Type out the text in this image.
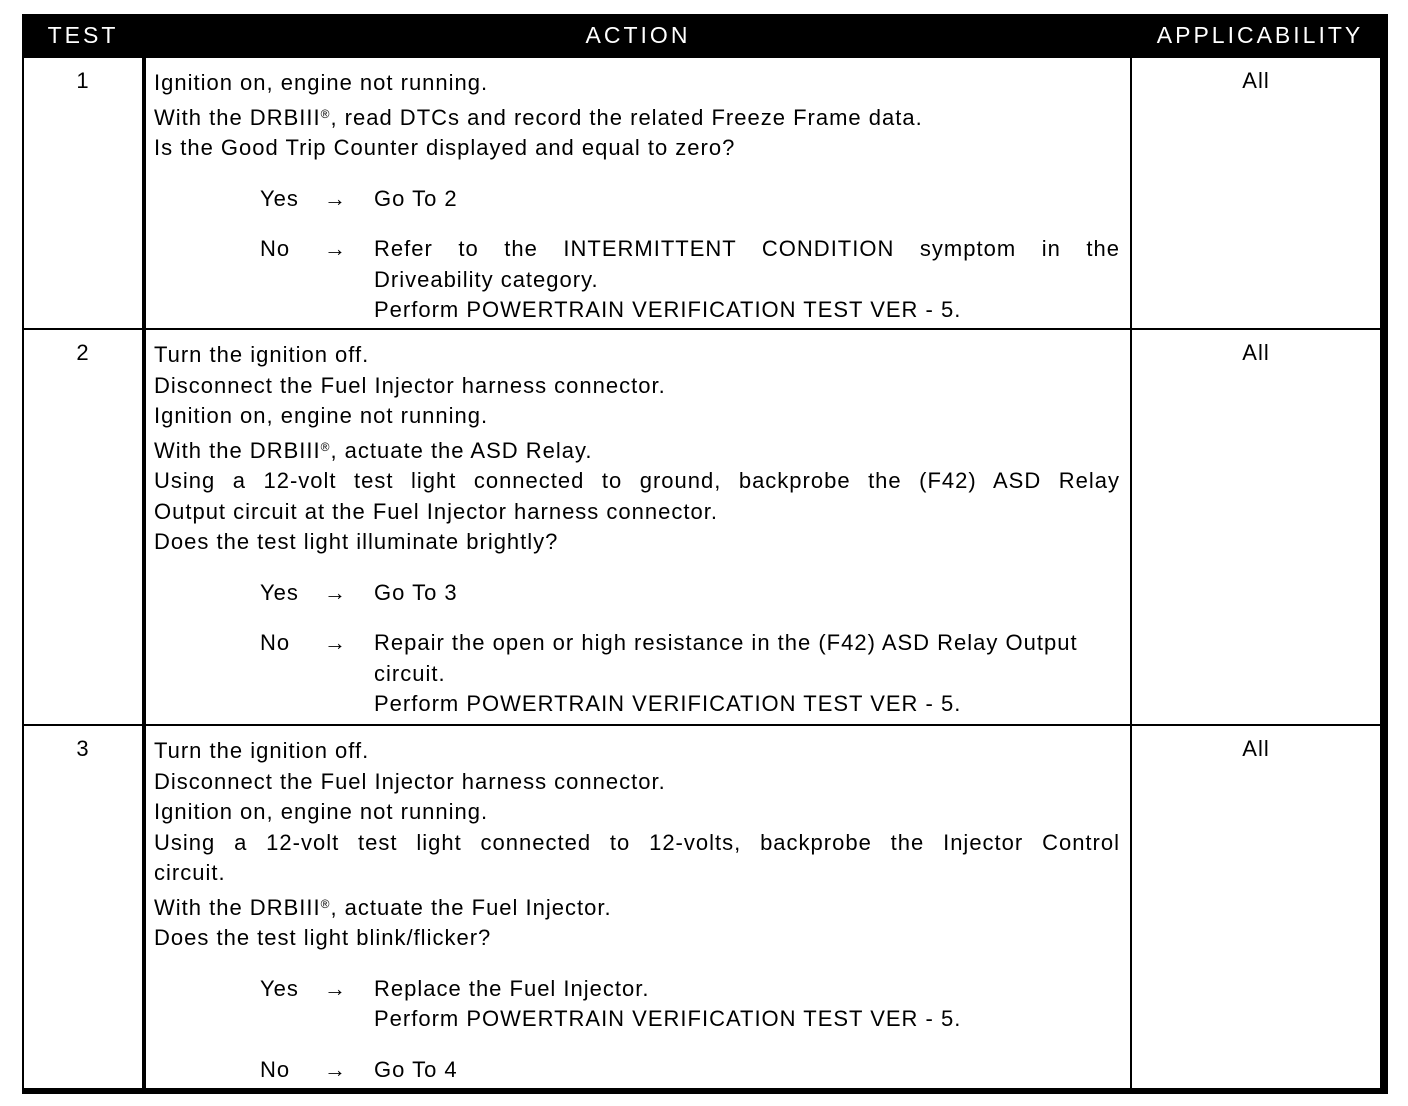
TEST	ACTION	APPLICABILITY
1	Ignition on, engine not running.
With the DRBIII®, read DTCs and record the related Freeze Frame data.
Is the Good Trip Counter displayed and equal to zero?
Yes	→	Go To 2
No	→	Refer to the INTERMITTENT CONDITION symptom in the
Driveability category.
Perform POWERTRAIN VERIFICATION TEST VER - 5.
All
2	Turn the ignition off.
Disconnect the Fuel Injector harness connector.
Ignition on, engine not running.
With the DRBIII®, actuate the ASD Relay.
Using a 12-volt test light connected to ground, backprobe the (F42) ASD Relay
Output circuit at the Fuel Injector harness connector.
Does the test light illuminate brightly?
Yes	→	Go To 3
No	→	Repair the open or high resistance in the (F42) ASD Relay Output
circuit.
Perform POWERTRAIN VERIFICATION TEST VER - 5.
All
3	Turn the ignition off.
Disconnect the Fuel Injector harness connector.
Ignition on, engine not running.
Using a 12-volt test light connected to 12-volts, backprobe the Injector Control
circuit.
With the DRBIII®, actuate the Fuel Injector.
Does the test light blink/flicker?
Yes	→	Replace the Fuel Injector.
Perform POWERTRAIN VERIFICATION TEST VER - 5.
No	→	Go To 4
All
